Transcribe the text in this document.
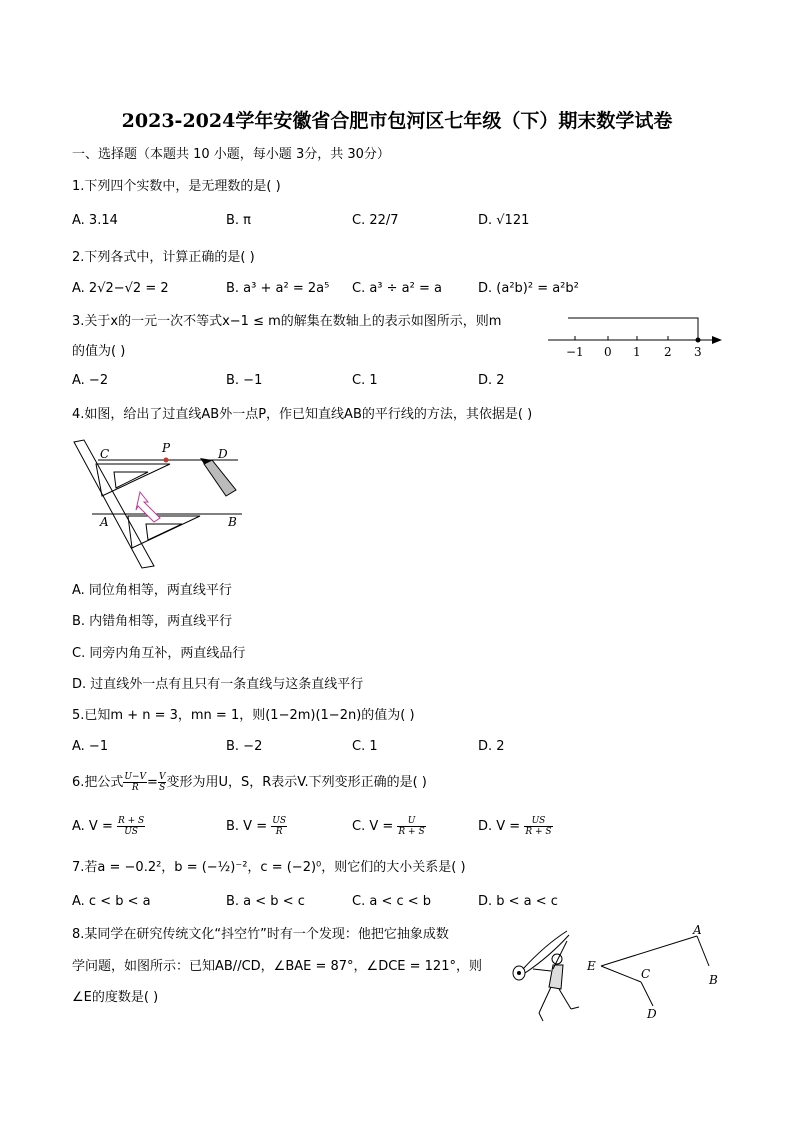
2023-2024学年安徽省合肥市包河区七年级（下）期末数学试卷
一、选择题（本题共 10 小题，每小题 3分，共 30分）
1.下列四个实数中，是无理数的是( )
A. 3.14	B. π	C. 22/7	D. √121
2.下列各式中，计算正确的是( )
A. 2√2−√2 = 2	B. a³ + a² = 2a⁵ C. a³ ÷ a² = a	D. (a²b)² = a²b²
3.关于x的一元一次不等式x−1 ≤ m的解集在数轴上的表示如图所示，则m
的值为( )	−1 0 1 2 3
A. −2	B. −1	C. 1	D. 2
4.如图，给出了过直线AB外一点P，作已知直线AB的平行线的方法，其依据是( )
C	P	D
A	B
A. 同位角相等，两直线平行
B. 内错角相等，两直线平行
C. 同旁内角互补，两直线品行
D. 过直线外一点有且只有一条直线与这条直线平行
5.已知m + n = 3，mn = 1，则(1−2m)(1−2n)的值为( )
A. −1	B. −2	C. 1	D. 2
6.把公式 $\frac{U-V}{R} = \frac{V}{S}$ 变形为用U，S，R表示V.下列变形正确的是( )
A. $V = \frac{R + S}{US}$	B. $V = \frac{US}{R}$	C. $V = \frac{U}{R + S}$	D. $V = \frac{US}{R + S}$
7.若a = −0.2²，b = (−½)⁻²，c = (−2)⁰，则它们的大小关系是( )
A. c < b < a	B. a < b < c	C. a < c < b	D. b < a < c
8.某同学在研究传统文化“抖空竹”时有一个发现：他把它抽象成数
学问题，如图所示：已知AB//CD，∠BAE = 87°，∠DCE = 121°，则
∠E的度数是( )
A
E
C	B
D
